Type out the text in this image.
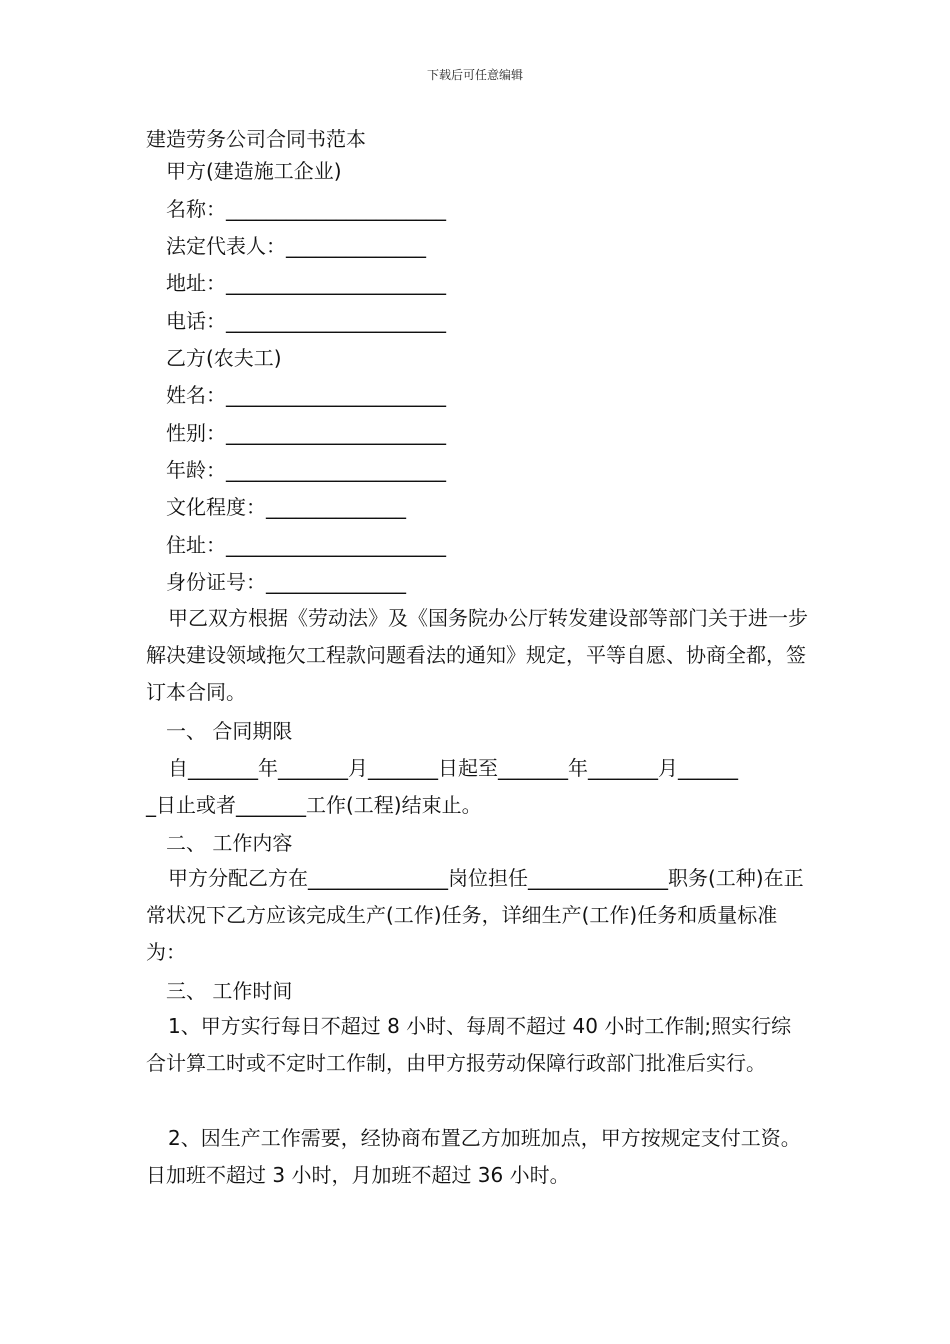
下载后可任意编辑
建造劳务公司合同书范本
甲方(建造施工企业)
名称：______________________
法定代表人：______________
地址：______________________
电话：______________________
乙方(农夫工)
姓名：______________________
性别：______________________
年龄：______________________
文化程度：______________
住址：______________________
身份证号：______________
甲乙双方根据《劳动法》及《国务院办公厅转发建设部等部门关于进一步解决建设领域拖欠工程款问题看法的通知》规定，平等自愿、协商全都，签订本合同。
一、 合同期限
自_______年_______月_______日起至_______年_______月______
_日止或者_______工作(工程)结束止。
二、 工作内容
甲方分配乙方在______________岗位担任______________职务(工种)在正常状况下乙方应该完成生产(工作)任务，详细生产(工作)任务和质量标准为：
三、 工作时间
1、甲方实行每日不超过 8 小时、每周不超过 40 小时工作制;照实行综合计算工时或不定时工作制，由甲方报劳动保障行政部门批准后实行。
2、因生产工作需要，经协商布置乙方加班加点，甲方按规定支付工资。日加班不超过 3 小时，月加班不超过 36 小时。
